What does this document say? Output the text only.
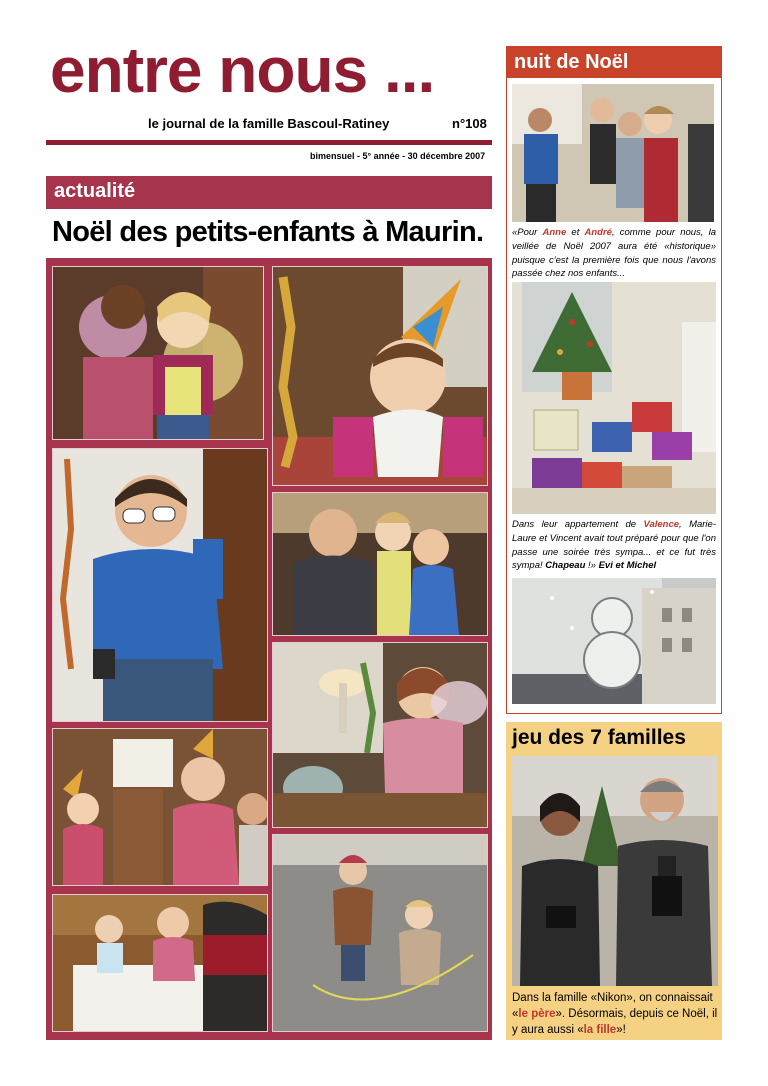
entre nous ...
le journal de la famille Bascoul-Ratiney	n°108
bimensuel - 5° année - 30 décembre 2007
actualité
Noël des petits-enfants à Maurin.
nuit de Noël
«Pour Anne et André, comme pour nous, la veillée de Noël 2007 aura été «historique» puisque c'est la première fois que nous l'avons passée chez nos enfants...
Dans leur appartement de Valence, Marie-Laure et Vincent avait tout préparé pour que l'on passe une soirée très sympa... et ce fut très sympa! Chapeau !» Evi et Michel
jeu des 7 familles
Dans la famille «Nikon», on connaissait «le père». Désormais, depuis ce Noël, il y aura aussi «la fille»!
